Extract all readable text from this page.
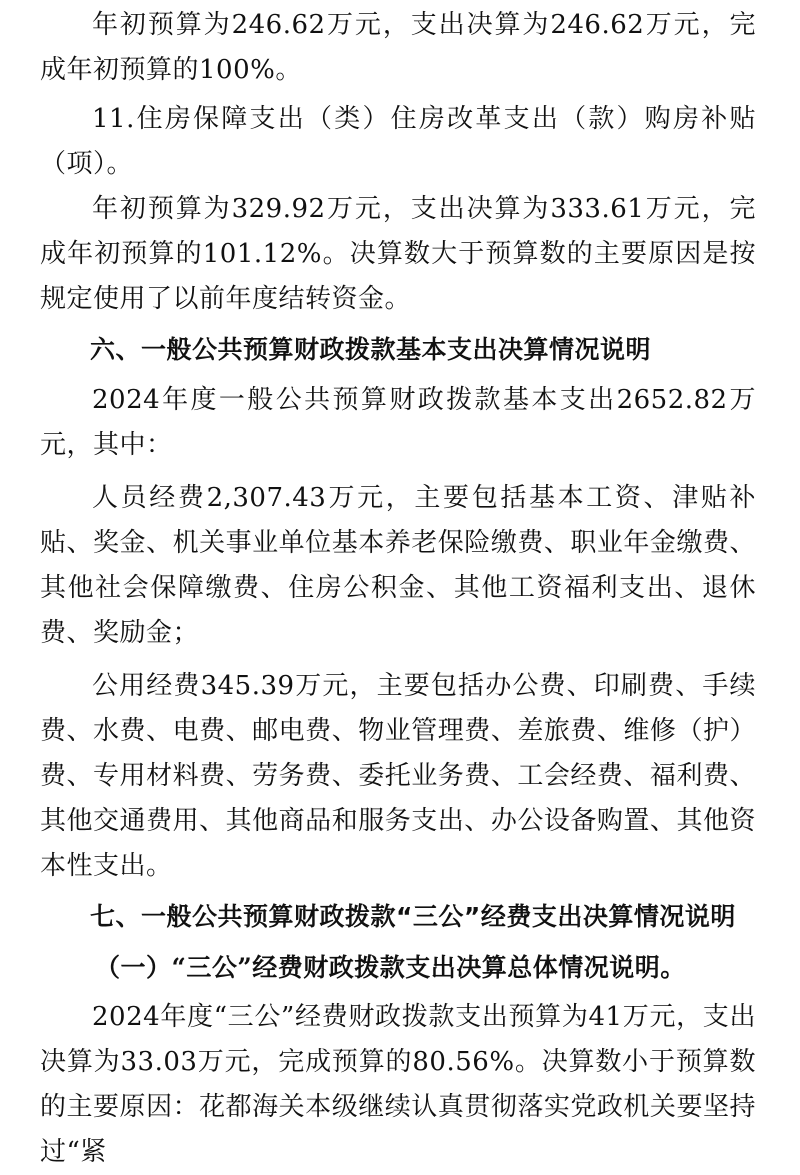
年初预算为246.62万元，支出决算为246.62万元，完成年初预算的100%。

11.住房保障支出（类）住房改革支出（款）购房补贴（项）。

年初预算为329.92万元，支出决算为333.61万元，完成年初预算的101.12%。决算数大于预算数的主要原因是按规定使用了以前年度结转资金。

六、一般公共预算财政拨款基本支出决算情况说明

2024年度一般公共预算财政拨款基本支出2652.82万元，其中：

人员经费2,307.43万元，主要包括基本工资、津贴补贴、奖金、机关事业单位基本养老保险缴费、职业年金缴费、其他社会保障缴费、住房公积金、其他工资福利支出、退休费、奖励金；

公用经费345.39万元，主要包括办公费、印刷费、手续费、水费、电费、邮电费、物业管理费、差旅费、维修（护）费、专用材料费、劳务费、委托业务费、工会经费、福利费、其他交通费用、其他商品和服务支出、办公设备购置、其他资本性支出。

七、一般公共预算财政拨款“三公”经费支出决算情况说明
（一）“三公”经费财政拨款支出决算总体情况说明。

2024年度“三公”经费财政拨款支出预算为41万元，支出决算为33.03万元，完成预算的80.56%。决算数小于预算数的主要原因：花都海关本级继续认真贯彻落实党政机关要坚持过“紧
